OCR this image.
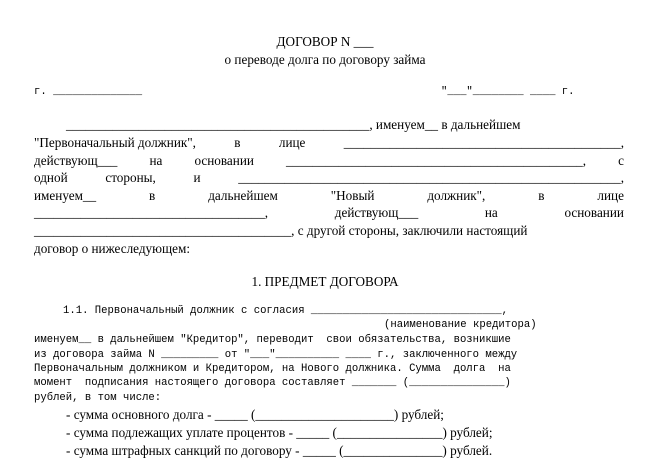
ДОГОВОР N ___
о переводе долга по договору займа
г. ______________	"___"________ ____ г.
______________________________________________, именуем__ в дальнейшем
"Первоначальный должник",	в	лице	__________________________________________,
действующ___ на основании _____________________________________________, с
одной	стороны,	и	__________________________________________________________,
именуем__	в	дальнейшем	"Новый	должник",	в	лице
___________________________________,	действующ___	на	основании
_______________________________________, с другой стороны, заключили настоящий
договор о нижеследующем:
1. ПРЕДМЕТ ДОГОВОРА
1.1. Первоначальный должник с согласия ______________________________,
(наименование кредитора)
именуем__ в дальнейшем "Кредитор", переводит  свои обязательства, возникшие
из договора займа N _________ от "___"__________ ____ г., заключенного между
Первоначальным должником и Кредитором, на Нового должника. Сумма  долга  на
момент  подписания настоящего договора составляет _______ (_______________)
рублей, в том числе:
- сумма основного долга - _____ (_____________________) рублей;
- сумма подлежащих уплате процентов - _____ (________________) рублей;
- сумма штрафных санкций по договору - _____ (_______________) рублей.
